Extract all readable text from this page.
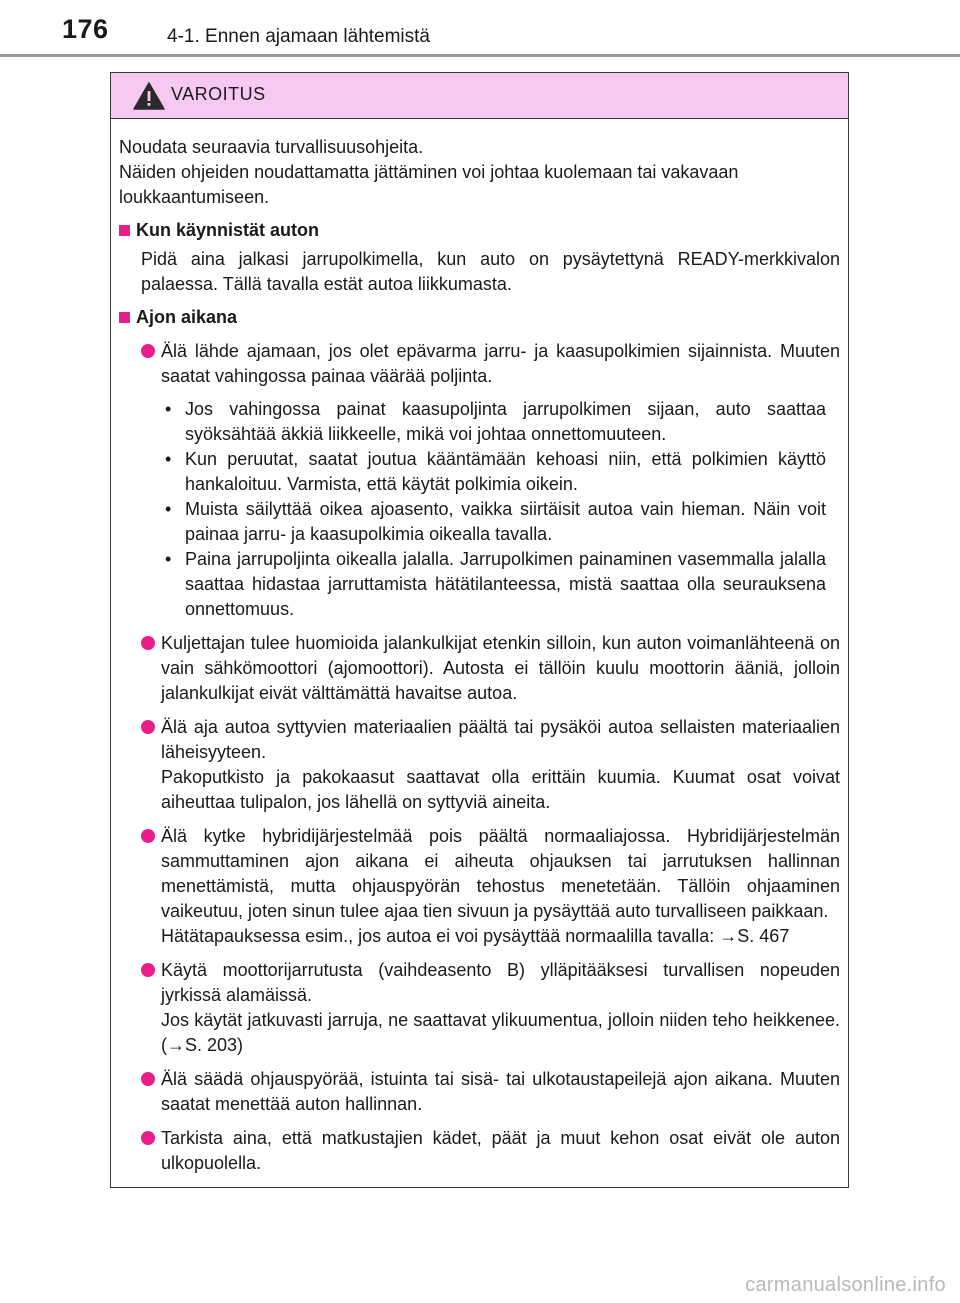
176	4-1. Ennen ajamaan lähtemistä
VAROITUS

Noudata seuraavia turvallisuusohjeita.

Näiden ohjeiden noudattamatta jättäminen voi johtaa kuolemaan tai vakavaan loukkaantumiseen.

Kun käynnistät auton

Pidä aina jalkasi jarrupolkimella, kun auto on pysäytettynä READY-merkkivalon palaessa. Tällä tavalla estät autoa liikkumasta.

Ajon aikana

Älä lähde ajamaan, jos olet epävarma jarru- ja kaasupolkimien sijainnista. Muuten saatat vahingossa painaa väärää poljinta.

• Jos vahingossa painat kaasupoljinta jarrupolkimen sijaan, auto saattaa syöksähtää äkkiä liikkeelle, mikä voi johtaa onnettomuuteen.
• Kun peruutat, saatat joutua kääntämään kehoasi niin, että polkimien käyttö hankaloituu. Varmista, että käytät polkimia oikein.
• Muista säilyttää oikea ajoasento, vaikka siirtäisit autoa vain hieman. Näin voit painaa jarru- ja kaasupolkimia oikealla tavalla.
• Paina jarrupoljinta oikealla jalalla. Jarrupolkimen painaminen vasemmalla jalalla saattaa hidastaa jarruttamista hätätilanteessa, mistä saattaa olla seurauksena onnettomuus.

Kuljettajan tulee huomioida jalankulkijat etenkin silloin, kun auton voimanlähteenä on vain sähkömoottori (ajomoottori). Autosta ei tällöin kuulu moottorin ääniä, jolloin jalankulkijat eivät välttämättä havaitse autoa.

Älä aja autoa syttyvien materiaalien päältä tai pysäköi autoa sellaisten materiaalien läheisyyteen.

Pakoputkisto ja pakokaasut saattavat olla erittäin kuumia. Kuumat osat voivat aiheuttaa tulipalon, jos lähellä on syttyviä aineita.

Älä kytke hybridijärjestelmää pois päältä normaaliajossa. Hybridijärjestelmän sammuttaminen ajon aikana ei aiheuta ohjauksen tai jarrutuksen hallinnan menettämistä, mutta ohjauspyörän tehostus menetetään. Tällöin ohjaaminen vaikeutuu, joten sinun tulee ajaa tien sivuun ja pysäyttää auto turvalliseen paikkaan.

Hätätapauksessa esim., jos autoa ei voi pysäyttää normaalilla tavalla: →S. 467

Käytä moottorijarrutusta (vaihdeasento B) ylläpitääksesi turvallisen nopeuden jyrkissä alamäissä.

Jos käytät jatkuvasti jarruja, ne saattavat ylikuumentua, jolloin niiden teho heikkenee. (→S. 203)

Älä säädä ohjauspyörää, istuinta tai sisä- tai ulkotaustapeilejä ajon aikana. Muuten saatat menettää auton hallinnan.

Tarkista aina, että matkustajien kädet, päät ja muut kehon osat eivät ole auton ulkopuolella.

carmanualsonline.info
